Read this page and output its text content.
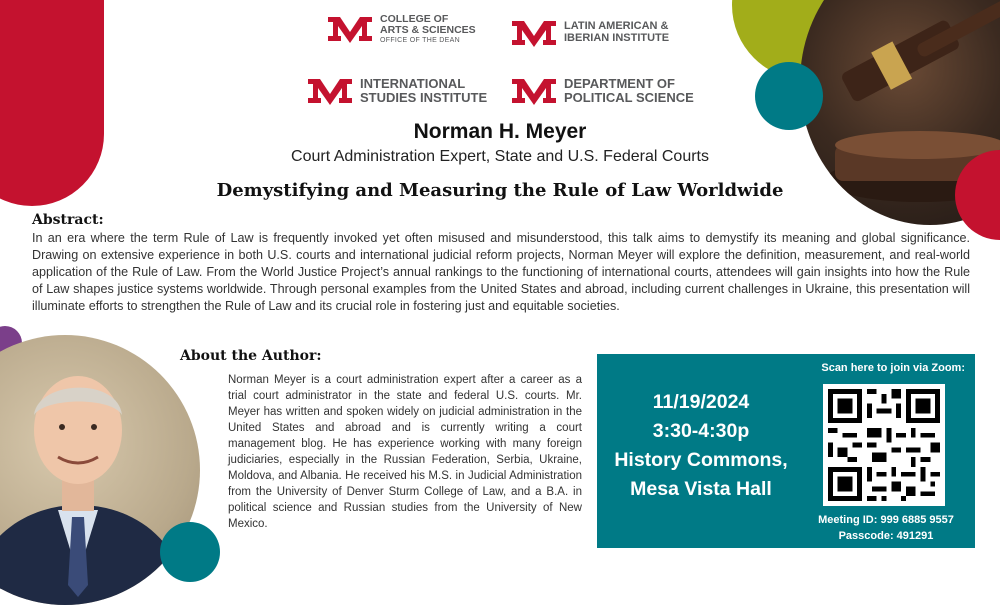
COLLEGE OF
ARTS & SCIENCES
OFFICE OF THE DEAN
LATIN AMERICAN &
IBERIAN INSTITUTE
INTERNATIONAL
STUDIES INSTITUTE
DEPARTMENT OF
POLITICAL SCIENCE
Norman H. Meyer
Court Administration Expert, State and U.S. Federal Courts
Demystifying and Measuring the Rule of Law Worldwide
Abstract:
In an era where the term Rule of Law is frequently invoked yet often misused and misunderstood, this talk aims to demystify its meaning and global significance. Drawing on extensive experience in both U.S. courts and international judicial reform projects, Norman Meyer will explore the definition, measurement, and real-world application of the Rule of Law. From the World Justice Project’s annual rankings to the functioning of international courts, attendees will gain insights into how the Rule of Law shapes justice systems worldwide. Through personal examples from the United States and abroad, including current challenges in Ukraine, this presentation will illuminate efforts to strengthen the Rule of Law and its crucial role in fostering just and equitable societies.
About the Author:
Norman Meyer is a court administration expert after a career as a trial court administrator in the state and federal U.S. courts. Mr. Meyer has written and spoken widely on judicial administration in the United States and abroad and is currently writing a court management blog. He has experience working with many foreign judiciaries, especially in the Russian Federation, Serbia, Ukraine, Moldova, and Albania. He received his M.S. in Judicial Administration from the University of Denver Sturm College of Law, and a B.A. in political science and Russian studies from the University of New Mexico.
11/19/2024
3:30-4:30p
History Commons,
Mesa Vista Hall
Scan here to join via Zoom:
Meeting ID: 999 6885 9557
Passcode: 491291
